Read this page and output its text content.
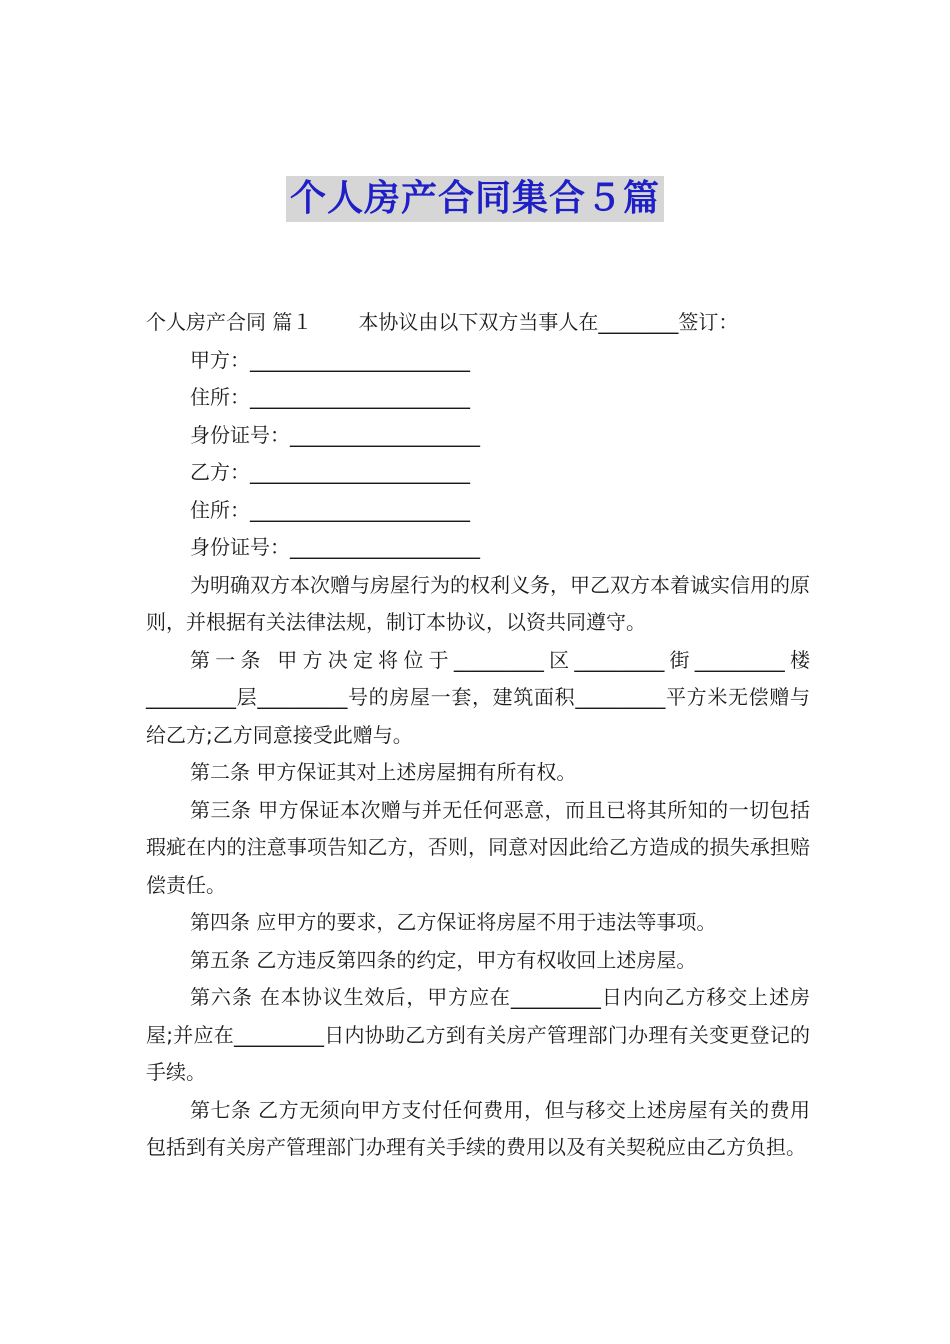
个人房产合同集合５篇
个人房产合同 篇１ 本协议由以下双方当事人在________签订：
甲方：______________________
住所：______________________
身份证号：___________________
乙方：______________________
住所：______________________
身份证号：___________________

为明确双方本次赠与房屋行为的权利义务，甲乙双方本着诚实信用的原则，并根据有关法律法规，制订本协议，以资共同遵守。

第一条 甲方决定将位于_________区_________街_________楼_________层_________号的房屋一套，建筑面积_________平方米无偿赠与给乙方;乙方同意接受此赠与。

第二条 甲方保证其对上述房屋拥有所有权。

第三条 甲方保证本次赠与并无任何恶意，而且已将其所知的一切包括瑕疵在内的注意事项告知乙方，否则，同意对因此给乙方造成的损失承担赔偿责任。

第四条 应甲方的要求，乙方保证将房屋不用于违法等事项。

第五条 乙方违反第四条的约定，甲方有权收回上述房屋。

第六条 在本协议生效后，甲方应在_________日内向乙方移交上述房屋;并应在_________日内协助乙方到有关房产管理部门办理有关变更登记的手续。

第七条 乙方无须向甲方支付任何费用，但与移交上述房屋有关的费用包括到有关房产管理部门办理有关手续的费用以及有关契税应由乙方负担。
